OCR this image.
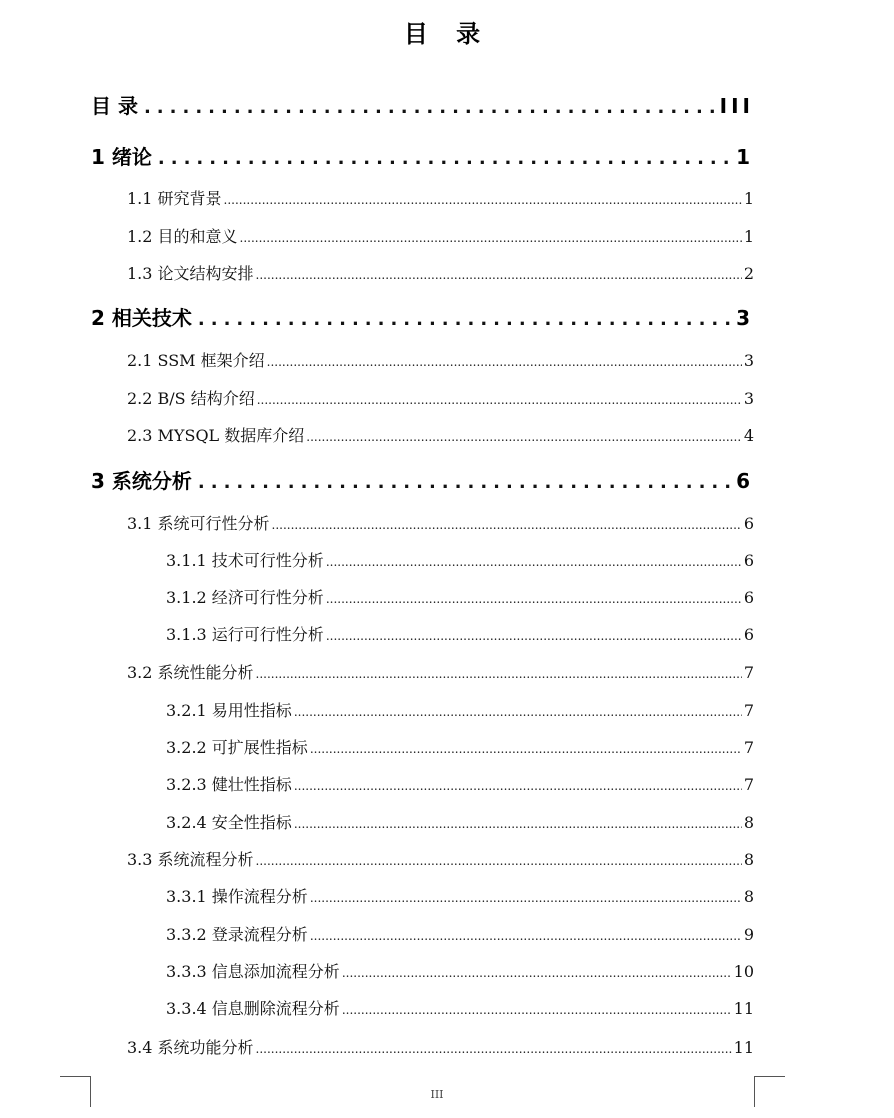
目 录
目 录 .....	III
1 绪论 .....	1
1.1 研究背景 .....	1
1.2 目的和意义 .....	1
1.3 论文结构安排 .....	2
2 相关技术 .....	3
2.1 SSM 框架介绍 .....	3
2.2 B/S 结构介绍 .....	3
2.3 MYSQL 数据库介绍 .....	4
3 系统分析 .....	6
3.1 系统可行性分析 .....	6
3.1.1 技术可行性分析 .....	6
3.1.2 经济可行性分析 .....	6
3.1.3 运行可行性分析 .....	6
3.2 系统性能分析 .....	7
3.2.1 易用性指标 .....	7
3.2.2 可扩展性指标 .....	7
3.2.3 健壮性指标 .....	7
3.2.4 安全性指标 .....	8
3.3 系统流程分析 .....	8
3.3.1 操作流程分析 .....	8
3.3.2 登录流程分析 .....	9
3.3.3 信息添加流程分析 .....	10
3.3.4 信息删除流程分析 .....	11
3.4 系统功能分析 .....	11
III
